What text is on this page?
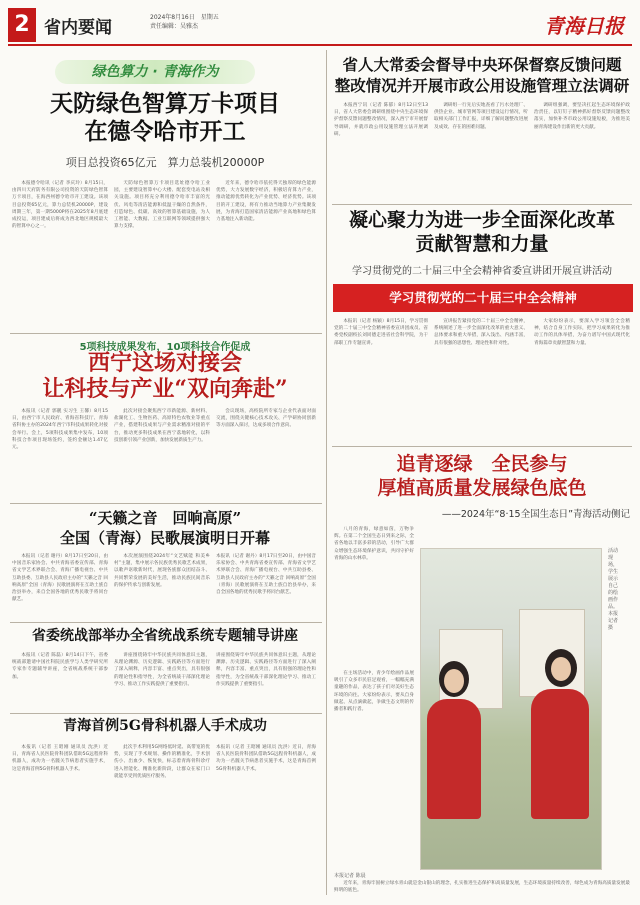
2 省内要闻
2024年8月16日　星期五
责任编辑：吴雅杰	青海日报
绿色算力 · 青海作为
天防绿色智算万卡项目
在德令哈市开工
项目总投资65亿元　算力总装机20000P

本报德令哈讯（记者 李庆玲）8月15日，由四川天府防务有限公司投资的天防绿色智算万卡项目，在海西州德令哈市开工建设。该项目总投资65亿元，算力总装机20000P，建设周期三年，第一期5000P将在2025年8月底建成投运，项目建成后将成为西北地区规模最大的智算中心之一。

天防绿色智算万卡项目选址德令哈工业园，主要建设智算中心大楼、配套变电站及相关设施。项目将充分利用德令哈市丰富的光伏、风电等清洁能源和低温干燥的自然条件，打造绿色、低碳、高效的智算基础设施，为人工智能、大数据、工业互联网等领域提供强大算力支撑。

近年来，德令哈市依托得天独厚的绿色能源优势，大力发展数字经济，积极培育算力产业，推动能源优势转化为产业优势、经济优势。该项目的开工建设，将有力推动当地算力产业集聚发展，为青海打造国家清洁能源产业高地和绿色算力基地注入新动能。

5项科技成果发布，10项科技合作促成
西宁这场对接会
让科技与产业“双向奔赴”

本报讯（记者 郭靓 实习生 王馨）8月15日，由西宁市人民政府、青海省科技厅、青海省科协主办的2024年西宁市科技成果转化对接会举行。会上，5项科技成果集中发布，10项科技合作项目现场签约，签约金额达1.47亿元。

此次对接会聚焦西宁市新能源、新材料、盐湖化工、生物医药、高原特色农牧业等重点产业，搭建科技成果与产业需求精准对接的平台，推动更多科技成果在西宁落地转化，以科技创新引领产业创新，加快发展新质生产力。

会议现场，高校院所专家与企业代表面对面交流，围绕关键核心技术攻关、产学研协同创新等方面深入探讨，达成多项合作意向。

“天籁之音　回响高原”
全国（青海）民歌展演明日开幕

本报讯（记者 谢丹）8月17日至20日，由中国音乐家协会、中共青海省委宣传部、青海省文学艺术界联合会、青海广播电视台、中共互助县委、互助县人民政府主办的“天籁之音 回响高原”全国（青海）民歌展演将在互助土族自治县举办，来自全国各地的优秀民歌手将同台献艺。

本次展演围绕2024年“文艺赋能 和美乡村”主题，集中展示各民族优秀民歌艺术成果，以歌声讴歌新时代，展现各族群众团结奋斗、共同繁荣发展的美好生活，推动民族民间音乐的保护传承与创新发展。

本报讯（记者 谢丹）8月17日至20日，由中国音乐家协会、中共青海省委宣传部、青海省文学艺术界联合会、青海广播电视台、中共互助县委、互助县人民政府主办的“天籁之音 回响高原”全国（青海）民歌展演将在互助土族自治县举办，来自全国各地的优秀民歌手将同台献艺。

省委统战部举办全省统战系统专题辅导讲座

本报讯（记者 陈磊）8月14日下午，省委统战部邀请中国社科院民族学与人类学研究所专家作专题辅导讲座，全省统战系统干部参加。

讲座围绕铸牢中华民族共同体意识主题，从理论渊源、历史逻辑、实践路径等方面进行了深入阐释，内容丰富、重点突出，具有很强的理论性和指导性，为全省统战干部深化理论学习、推动工作实践提供了重要指引。

讲座围绕铸牢中华民族共同体意识主题，从理论渊源、历史逻辑、实践路径等方面进行了深入阐释，内容丰富、重点突出，具有很强的理论性和指导性，为全省统战干部深化理论学习、推动工作实践提供了重要指引。

青海首例5G骨科机器人手术成功

本报讯（记者 王昭刚 通讯员 沈洪）近日，青海省人民医院骨科团队借助5G远程骨科机器人，成功为一名髋关节病患者实施手术，这是青海首例5G骨科机器人手术。

此次手术利用5G网络低时延、高带宽的优势，实现了手术规划、操作的精准化，手术创伤小、出血少、恢复快，标志着青海骨科诊疗进入智能化、精准化新阶段，让群众在家门口就能享受到优质医疗服务。

本报讯（记者 王昭刚 通讯员 沈洪）近日，青海省人民医院骨科团队借助5G远程骨科机器人，成功为一名髋关节病患者实施手术，这是青海首例5G骨科机器人手术。

省人大常委会督导中央环保督察反馈问题
整改情况并开展市政公用设施管理立法调研

本报西宁讯（记者 陈郁）8月12日至13日，省人大常委会调研组围绕中央生态环境保护督察反馈问题整改情况，深入西宁市开展督导调研，并就市政公用设施管理立法开展调研。

调研组一行先后实地查看了污水处理厂、供热企业、城市管网等项目建设运行情况，听取相关部门工作汇报，详细了解问题整改进展及成效、存在的困难问题。

调研组强调，要坚决扛起生态环境保护政治责任，以钉钉子精神抓好督察反馈问题整改落实，加快补齐市政公用设施短板，为推进美丽青海建设作出新的更大贡献。

凝心聚力为进一步全面深化改革
贡献智慧和力量
学习贯彻党的二十届三中全会精神省委宣讲团开展宣讲活动
学习贯彻党的二十届三中全会精神

本报讯（记者 杨颖）8月15日，学习贯彻党的二十届三中全会精神省委宣讲团成员、省委党校副校长刘同德走进省社会科学院，为干部职工作专题宣讲。

宣讲报告紧扣党的二十届三中全会精神，系统阐述了进一步全面深化改革的重大意义、总体要求和重大举措，深入浅出、内涵丰富，具有很强的思想性、理论性和针对性。

大家纷纷表示，要深入学习领会全会精神，结合自身工作实际，把学习成果转化为推动工作的具体举措，为奋力谱写中国式现代化青海篇章贡献智慧和力量。

追青逐绿　全民参与
厚植高质量发展绿色底色
——2024年“8·15全国生态日”青海活动侧记

八月的青海，绿意如茵，万物争辉。在第二个全国生态日到来之际，全省各地以丰富多彩的活动，引导广大群众增强生态环境保护意识，共同守护好青海的山水林草。

活动现场，学生展示自己的绘画作品。本报记者 摄
本报记者 陈晨

近年来，青海牢固树立绿水青山就是金山银山的理念，扎实推进生态保护和高质量发展，生态环境质量持续改善，绿色成为青海高质量发展最鲜明的底色。

在主场活动中，青少年绘画作品展吸引了众多市民驻足观看，一幅幅充满童趣的作品，表达了孩子们对美好生态环境的向往。大家纷纷表示，要从自身做起、从点滴做起，争做生态文明的传播者和践行者。
